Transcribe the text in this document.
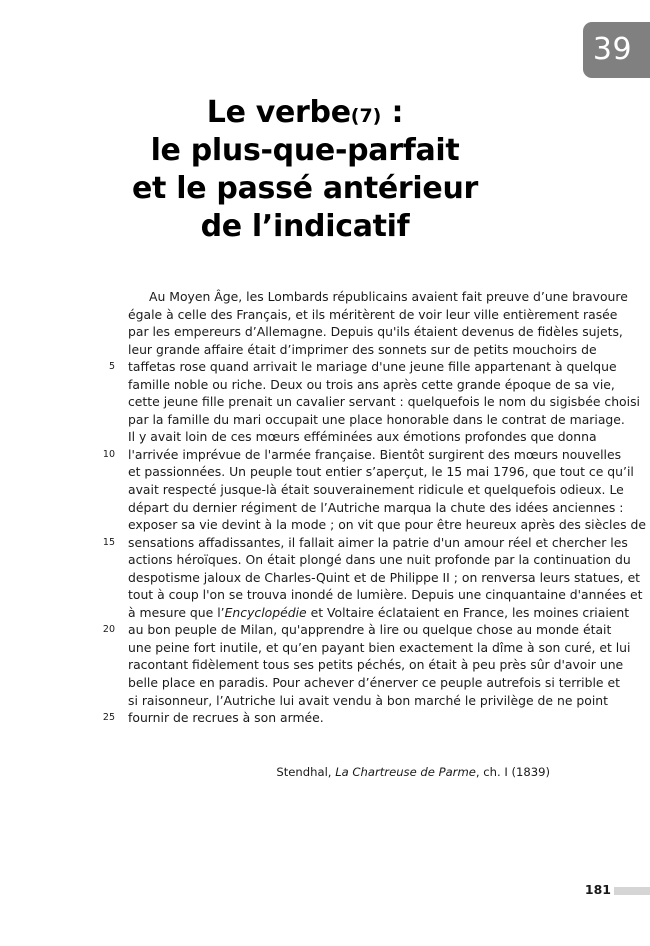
39
Le verbe(7) :
le plus-que-parfait
et le passé antérieur
de l’indicatif
Au Moyen Âge, les Lombards républicains avaient fait preuve d’une bravoure
égale à celle des Français, et ils méritèrent de voir leur ville entièrement rasée
par les empereurs d’Allemagne. Depuis qu'ils étaient devenus de fidèles sujets,
leur grande affaire était d’imprimer des sonnets sur de petits mouchoirs de
5 taffetas rose quand arrivait le mariage d'une jeune fille appartenant à quelque
famille noble ou riche. Deux ou trois ans après cette grande époque de sa vie,
cette jeune fille prenait un cavalier servant : quelquefois le nom du sigisbée choisi
par la famille du mari occupait une place honorable dans le contrat de mariage.
Il y avait loin de ces mœurs efféminées aux émotions profondes que donna
10 l'arrivée imprévue de l'armée française. Bientôt surgirent des mœurs nouvelles
et passionnées. Un peuple tout entier s’aperçut, le 15 mai 1796, que tout ce qu’il
avait respecté jusque-là était souverainement ridicule et quelquefois odieux. Le
départ du dernier régiment de l’Autriche marqua la chute des idées anciennes :
exposer sa vie devint à la mode ; on vit que pour être heureux après des siècles de
15 sensations affadissantes, il fallait aimer la patrie d'un amour réel et chercher les
actions héroïques. On était plongé dans une nuit profonde par la continuation du
despotisme jaloux de Charles-Quint et de Philippe II ; on renversa leurs statues, et
tout à coup l'on se trouva inondé de lumière. Depuis une cinquantaine d'années et
à mesure que l’Encyclopédie et Voltaire éclataient en France, les moines criaient
20 au bon peuple de Milan, qu'apprendre à lire ou quelque chose au monde était
une peine fort inutile, et qu’en payant bien exactement la dîme à son curé, et lui
racontant fidèlement tous ses petits péchés, on était à peu près sûr d'avoir une
belle place en paradis. Pour achever d’énerver ce peuple autrefois si terrible et
si raisonneur, l’Autriche lui avait vendu à bon marché le privilège de ne point
25 fournir de recrues à son armée.
Stendhal, La Chartreuse de Parme, ch. I (1839)
181
